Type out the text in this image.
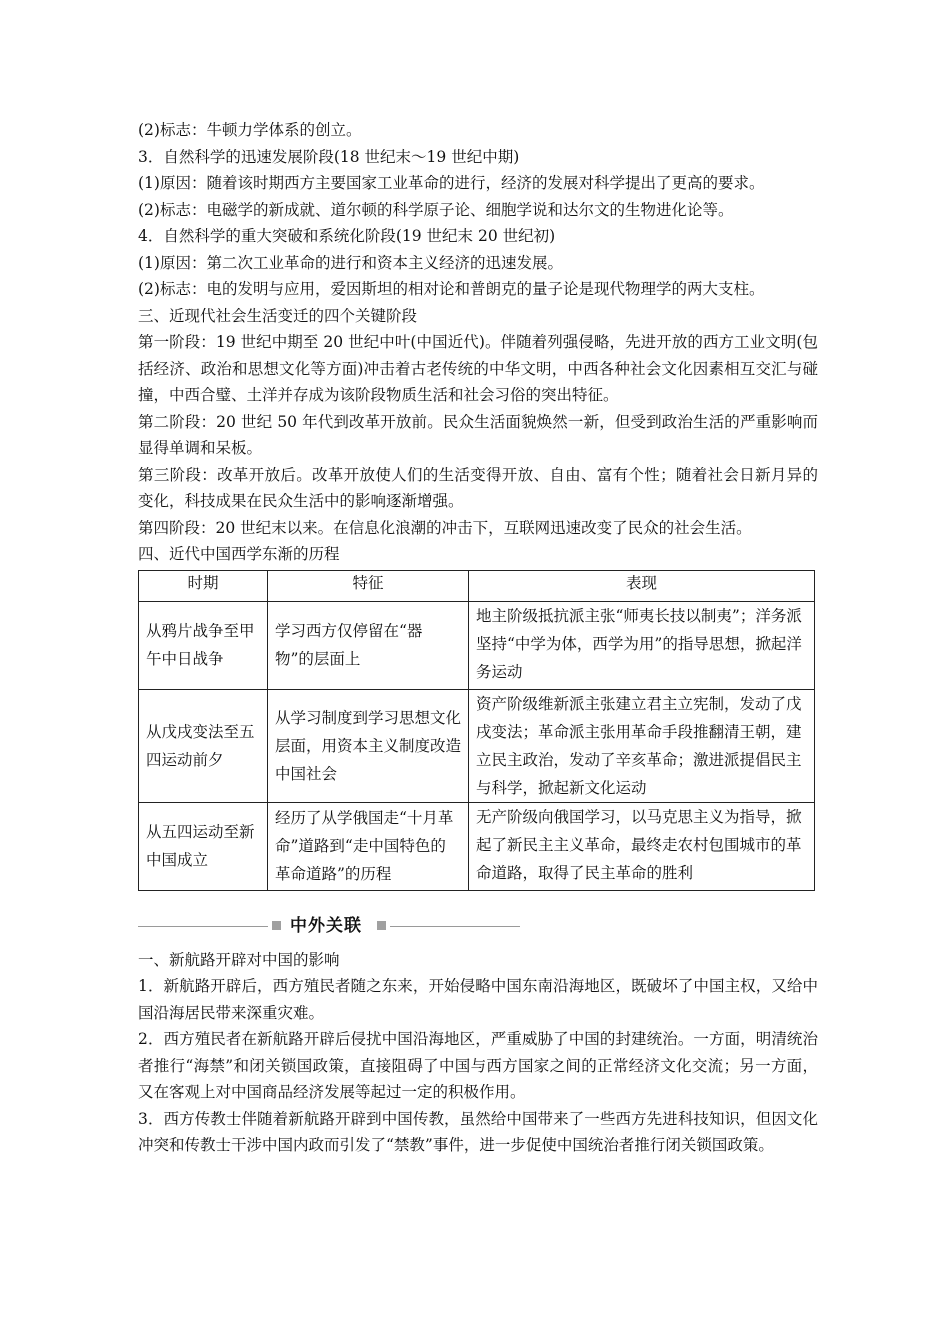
(2)标志：牛顿力学体系的创立。

3．自然科学的迅速发展阶段(18 世纪末～19 世纪中期)

(1)原因：随着该时期西方主要国家工业革命的进行，经济的发展对科学提出了更高的要求。

(2)标志：电磁学的新成就、道尔顿的科学原子论、细胞学说和达尔文的生物进化论等。

4．自然科学的重大突破和系统化阶段(19 世纪末 20 世纪初)

(1)原因：第二次工业革命的进行和资本主义经济的迅速发展。

(2)标志：电的发明与应用，爱因斯坦的相对论和普朗克的量子论是现代物理学的两大支柱。

三、近现代社会生活变迁的四个关键阶段

第一阶段：19 世纪中期至 20 世纪中叶(中国近代)。伴随着列强侵略，先进开放的西方工业文明(包括经济、政治和思想文化等方面)冲击着古老传统的中华文明，中西各种社会文化因素相互交汇与碰撞，中西合璧、土洋并存成为该阶段物质生活和社会习俗的突出特征。

第二阶段：20 世纪 50 年代到改革开放前。民众生活面貌焕然一新，但受到政治生活的严重影响而显得单调和呆板。

第三阶段：改革开放后。改革开放使人们的生活变得开放、自由、富有个性；随着社会日新月异的变化，科技成果在民众生活中的影响逐渐增强。

第四阶段：20 世纪末以来。在信息化浪潮的冲击下，互联网迅速改变了民众的社会生活。

四、近代中国西学东渐的历程

时期	特征	表现
从鸦片战争至甲午中日战争	学习西方仅停留在“器物”的层面上	地主阶级抵抗派主张“师夷长技以制夷”；洋务派坚持“中学为体，西学为用”的指导思想，掀起洋务运动
从戊戌变法至五四运动前夕	从学习制度到学习思想文化层面，用资本主义制度改造中国社会	资产阶级维新派主张建立君主立宪制，发动了戊戌变法；革命派主张用革命手段推翻清王朝，建立民主政治，发动了辛亥革命；激进派提倡民主与科学，掀起新文化运动
从五四运动至新中国成立	经历了从学俄国走“十月革命”道路到“走中国特色的革命道路”的历程	无产阶级向俄国学习，以马克思主义为指导，掀起了新民主主义革命，最终走农村包围城市的革命道路，取得了民主革命的胜利
中外关联

一、新航路开辟对中国的影响

1．新航路开辟后，西方殖民者随之东来，开始侵略中国东南沿海地区，既破坏了中国主权，又给中国沿海居民带来深重灾难。

2．西方殖民者在新航路开辟后侵扰中国沿海地区，严重威胁了中国的封建统治。一方面，明清统治者推行“海禁”和闭关锁国政策，直接阻碍了中国与西方国家之间的正常经济文化交流；另一方面，又在客观上对中国商品经济发展等起过一定的积极作用。

3．西方传教士伴随着新航路开辟到中国传教，虽然给中国带来了一些西方先进科技知识，但因文化冲突和传教士干涉中国内政而引发了“禁教”事件，进一步促使中国统治者推行闭关锁国政策。
